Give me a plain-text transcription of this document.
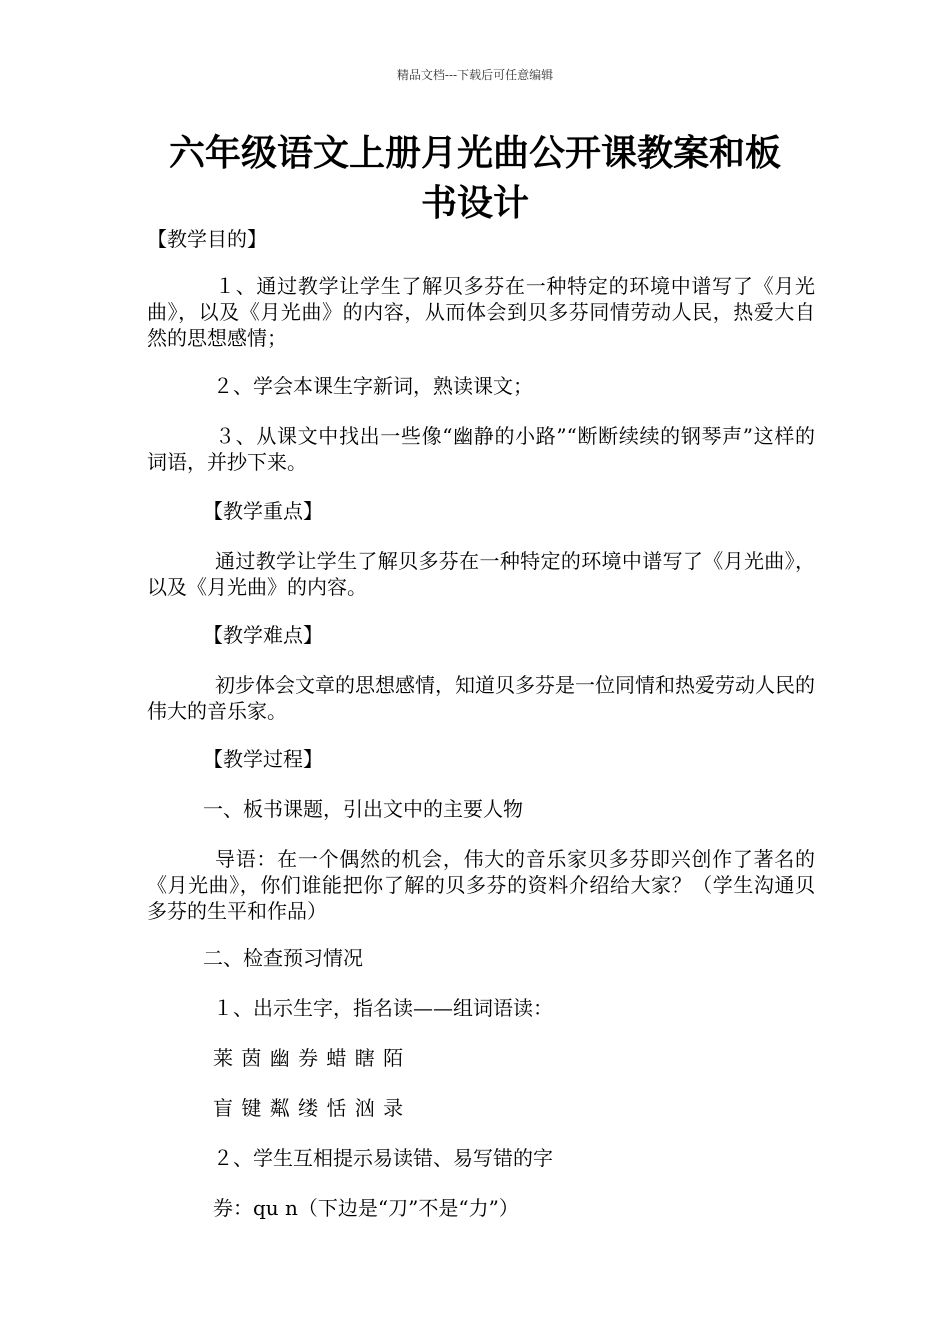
精品文档---下载后可任意编辑
六年级语文上册月光曲公开课教案和板
书设计

【教学目的】

１、通过教学让学生了解贝多芬在一种特定的环境中谱写了《月光曲》，以及《月光曲》的内容，从而体会到贝多芬同情劳动人民，热爱大自然的思想感情；

２、学会本课生字新词，熟读课文；

３、从课文中找出一些像“幽静的小路”“断断续续的钢琴声”这样的词语，并抄下来。

【教学重点】

通过教学让学生了解贝多芬在一种特定的环境中谱写了《月光曲》，以及《月光曲》的内容。

【教学难点】

初步体会文章的思想感情，知道贝多芬是一位同情和热爱劳动人民的伟大的音乐家。

【教学过程】

一、板书课题，引出文中的主要人物

导语：在一个偶然的机会，伟大的音乐家贝多芬即兴创作了著名的《月光曲》，你们谁能把你了解的贝多芬的资料介绍给大家？（学生沟通贝多芬的生平和作品）

二、检查预习情况

１、出示生字，指名读——组词语读：

莱 茵 幽 券 蜡 瞎 陌

盲 键 粼 缕 恬 汹 录

２、学生互相提示易读错、易写错的字

券：qu n（下边是“刀”不是“力”）
